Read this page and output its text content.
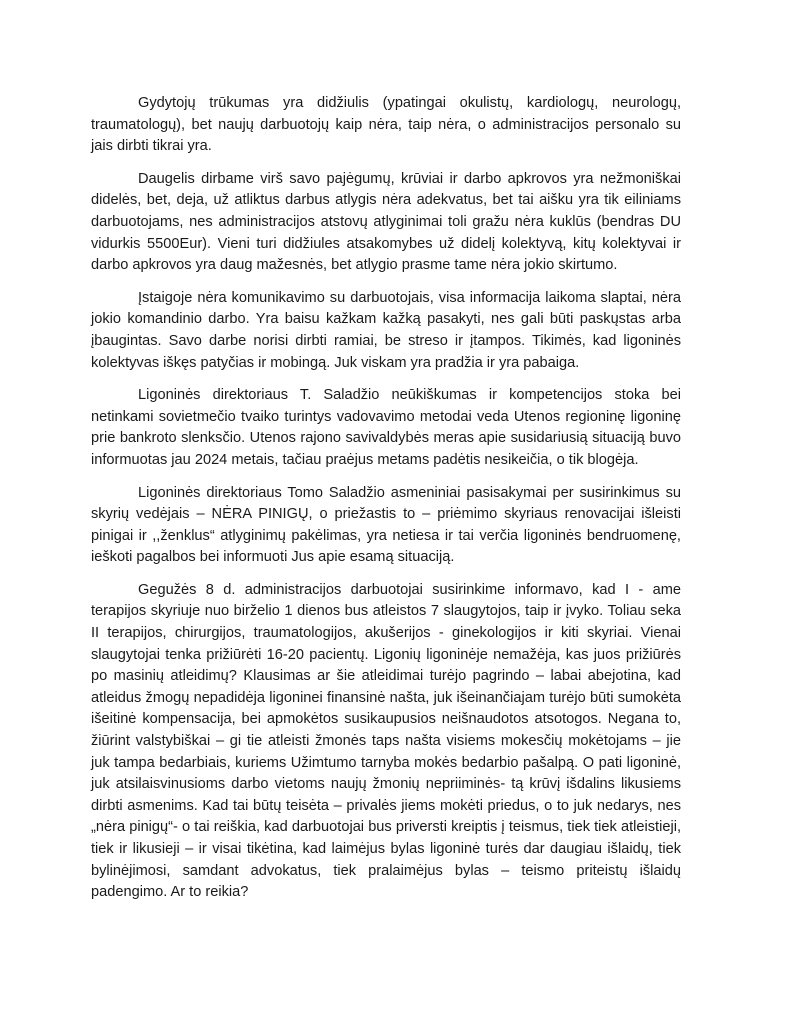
Gydytojų trūkumas yra didžiulis (ypatingai okulistų, kardiologų, neurologų, traumatologų), bet naujų darbuotojų kaip nėra, taip nėra, o administracijos personalo su jais dirbti tikrai yra.

Daugelis dirbame virš savo pajėgumų, krūviai ir darbo apkrovos yra nežmoniškai didelės, bet, deja, už atliktus darbus atlygis nėra adekvatus, bet tai aišku yra tik eiliniams darbuotojams, nes administracijos atstovų atlyginimai toli gražu nėra kuklūs (bendras DU vidurkis 5500Eur). Vieni turi didžiules atsakomybes už didelį kolektyvą, kitų kolektyvai ir darbo apkrovos yra daug mažesnės, bet atlygio prasme tame nėra jokio skirtumo.

Įstaigoje nėra komunikavimo su darbuotojais, visa informacija laikoma slaptai, nėra jokio komandinio darbo. Yra baisu kažkam kažką pasakyti, nes gali būti paskųstas arba įbaugintas. Savo darbe norisi dirbti ramiai, be streso ir įtampos. Tikimės, kad ligoninės kolektyvas iškęs patyčias ir mobingą. Juk viskam yra pradžia ir yra pabaiga.

Ligoninės direktoriaus T. Saladžio neūkiškumas ir kompetencijos stoka bei netinkami sovietmečio tvaiko turintys vadovavimo metodai veda Utenos regioninę ligoninę prie bankroto slenksčio. Utenos rajono savivaldybės meras apie susidariusią situaciją buvo informuotas jau 2024 metais, tačiau praėjus metams padėtis nesikeičia, o tik blogėja.

Ligoninės direktoriaus Tomo Saladžio asmeniniai pasisakymai per susirinkimus su skyrių vedėjais – NĖRA PINIGŲ, o priežastis to – priėmimo skyriaus renovacijai išleisti pinigai ir ,,ženklus“ atlyginimų pakėlimas, yra netiesa ir tai verčia ligoninės bendruomenę, ieškoti pagalbos bei informuoti Jus apie esamą situaciją.

Gegužės 8 d. administracijos darbuotojai susirinkime informavo, kad I - ame terapijos skyriuje nuo birželio 1 dienos bus atleistos 7 slaugytojos, taip ir įvyko. Toliau seka II terapijos, chirurgijos, traumatologijos, akušerijos - ginekologijos ir kiti skyriai. Vienai slaugytojai tenka prižiūrėti 16-20 pacientų. Ligonių ligoninėje nemažėja, kas juos prižiūrės po masinių atleidimų? Klausimas ar šie atleidimai turėjo pagrindo – labai abejotina, kad atleidus žmogų nepadidėja ligoninei finansinė našta, juk išeinančiajam turėjo būti sumokėta išeitinė kompensacija, bei apmokėtos susikaupusios neišnaudotos atsotogos. Negana to, žiūrint valstybiškai – gi tie atleisti žmonės taps našta visiems mokesčių mokėtojams – jie juk tampa bedarbiais, kuriems Užimtumo tarnyba mokės bedarbio pašalpą. O pati ligoninė, juk atsilaisvinusioms darbo vietoms naujų žmonių nepriiminės- tą krūvį išdalins likusiems dirbti asmenims. Kad tai būtų teisėta – privalės jiems mokėti priedus, o to juk nedarys, nes „nėra pinigų“- o tai reiškia, kad darbuotojai bus priversti kreiptis į teismus, tiek tiek atleistieji, tiek ir likusieji – ir visai tikėtina, kad laimėjus bylas ligoninė turės dar daugiau išlaidų, tiek bylinėjimosi, samdant advokatus, tiek pralaimėjus bylas – teismo priteistų išlaidų padengimo. Ar to reikia?
